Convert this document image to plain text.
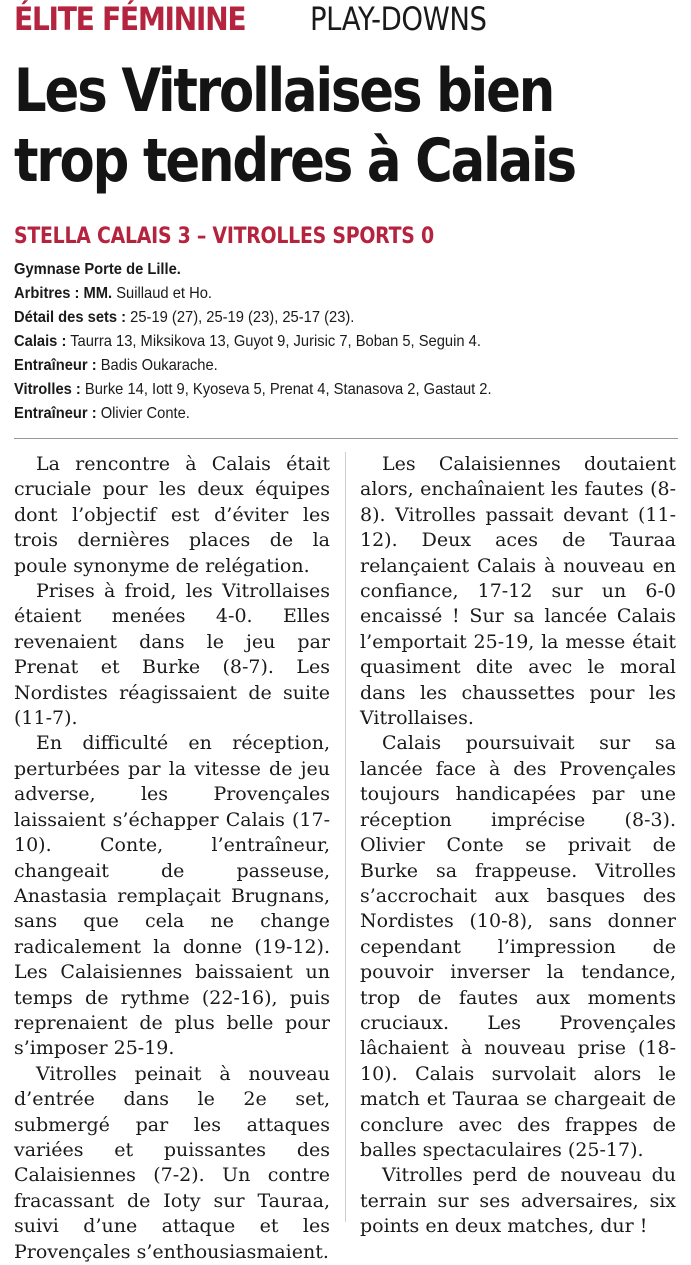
ÉLITE FÉMININE PLAY-DOWNS
Les Vitrollaises bien
trop tendres à Calais
STELLA CALAIS 3 – VITROLLES SPORTS 0
Gymnase Porte de Lille.
Arbitres : MM. Suillaud et Ho.
Détail des sets : 25-19 (27), 25-19 (23), 25-17 (23).
Calais : Taurra 13, Miksikova 13, Guyot 9, Jurisic 7, Boban 5, Seguin 4.
Entraîneur : Badis Oukarache.
Vitrolles : Burke 14, Iott 9, Kyoseva 5, Prenat 4, Stanasova 2, Gastaut 2.
Entraîneur : Olivier Conte.

La rencontre à Calais était cruciale pour les deux équipes dont l’objectif est d’éviter les trois dernières places de la poule synonyme de relégation.

Prises à froid, les Vitrollaises étaient menées 4-0. Elles revenaient dans le jeu par Prenat et Burke (8-7). Les Nordistes réagissaient de suite (11-7).

En difficulté en réception, perturbées par la vitesse de jeu adverse, les Provençales laissaient s’échapper Calais (17-10). Conte, l’entraîneur, changeait de passeuse, Anastasia remplaçait Brugnans, sans que cela ne change radicalement la donne (19-12). Les Calaisiennes baissaient un temps de rythme (22-16), puis reprenaient de plus belle pour s’imposer 25-19.

Vitrolles peinait à nouveau d’entrée dans le 2e set, submergé par les attaques variées et puissantes des Calaisiennes (7-2). Un contre fracassant de Ioty sur Tauraa, suivi d’une attaque et les Provençales s’enthousiasmaient.

Les Calaisiennes doutaient alors, enchaînaient les fautes (8-8). Vitrolles passait devant (11-12). Deux aces de Tauraa relançaient Calais à nouveau en confiance, 17-12 sur un 6-0 encaissé ! Sur sa lancée Calais l’emportait 25-19, la messe était quasiment dite avec le moral dans les chaussettes pour les Vitrollaises.

Calais poursuivait sur sa lancée face à des Provençales toujours handicapées par une réception imprécise (8-3). Olivier Conte se privait de Burke sa frappeuse. Vitrolles s’accrochait aux basques des Nordistes (10-8), sans donner cependant l’impression de pouvoir inverser la tendance, trop de fautes aux moments cruciaux. Les Provençales lâchaient à nouveau prise (18-10). Calais survolait alors le match et Tauraa se chargeait de conclure avec des frappes de balles spectaculaires (25-17).

Vitrolles perd de nouveau du terrain sur ses adversaires, six points en deux matches, dur !
